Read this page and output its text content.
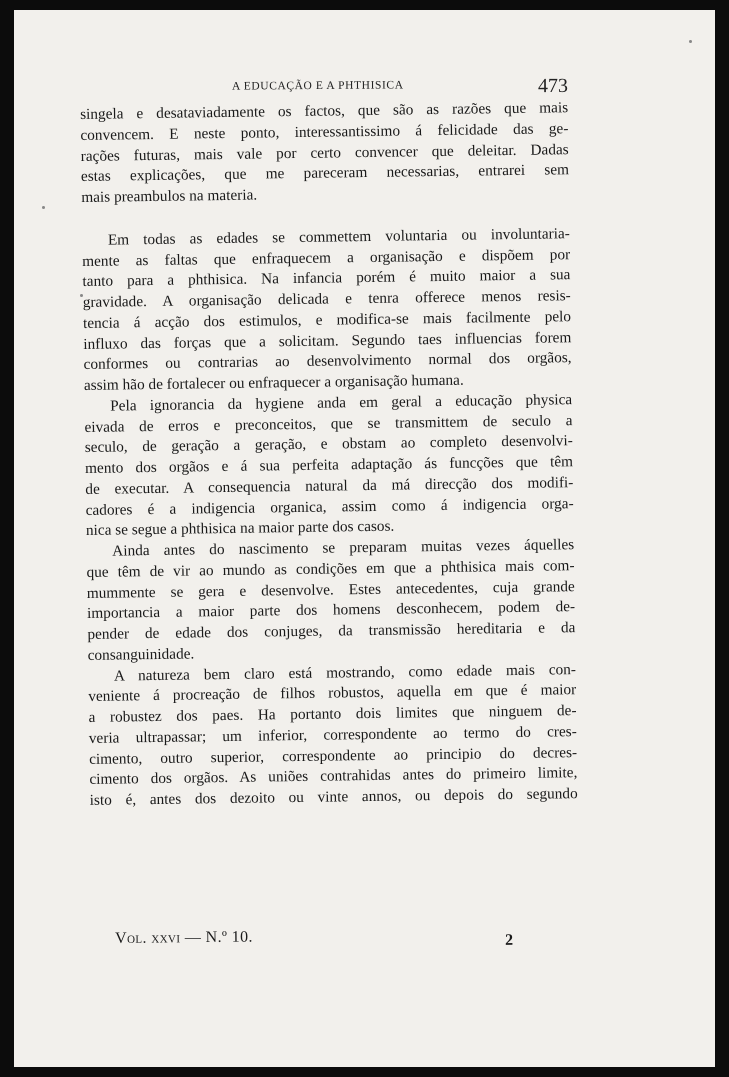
A EDUCAÇÃO E A PHTHISICA	473
singela e desataviadamente os factos, que são as razões que mais
convencem. E neste ponto, interessantissimo á felicidade das ge-
rações futuras, mais vale por certo convencer que deleitar. Dadas
estas explicações, que me pareceram necessarias, entrarei sem
mais preambulos na materia.
Em todas as edades se commettem voluntaria ou involuntaria-
mente as faltas que enfraquecem a organisação e dispõem por
tanto para a phthisica. Na infancia porém é muito maior a sua
gravidade. A organisação delicada e tenra offerece menos resis-
tencia á acção dos estimulos, e modifica-se mais facilmente pelo
influxo das forças que a solicitam. Segundo taes influencias forem
conformes ou contrarias ao desenvolvimento normal dos orgãos,
assim hão de fortalecer ou enfraquecer a organisação humana.
Pela ignorancia da hygiene anda em geral a educação physica
eivada de erros e preconceitos, que se transmittem de seculo a
seculo, de geração a geração, e obstam ao completo desenvolvi-
mento dos orgãos e á sua perfeita adaptação ás funcções que têm
de executar. A consequencia natural da má direcção dos modifi-
cadores é a indigencia organica, assim como á indigencia orga-
nica se segue a phthisica na maior parte dos casos.
Ainda antes do nascimento se preparam muitas vezes áquelles
que têm de vir ao mundo as condições em que a phthisica mais com-
mummente se gera e desenvolve. Estes antecedentes, cuja grande
importancia a maior parte dos homens desconhecem, podem de-
pender de edade dos conjuges, da transmissão hereditaria e da
consanguinidade.
A natureza bem claro está mostrando, como edade mais con-
veniente á procreação de filhos robustos, aquella em que é maior
a robustez dos paes. Ha portanto dois limites que ninguem de-
veria ultrapassar; um inferior, correspondente ao termo do cres-
cimento, outro superior, correspondente ao principio do decres-
cimento dos orgãos. As uniões contrahidas antes do primeiro limite,
isto é, antes dos dezoito ou vinte annos, ou depois do segundo
Vol. xxvi — N.º 10.	2
